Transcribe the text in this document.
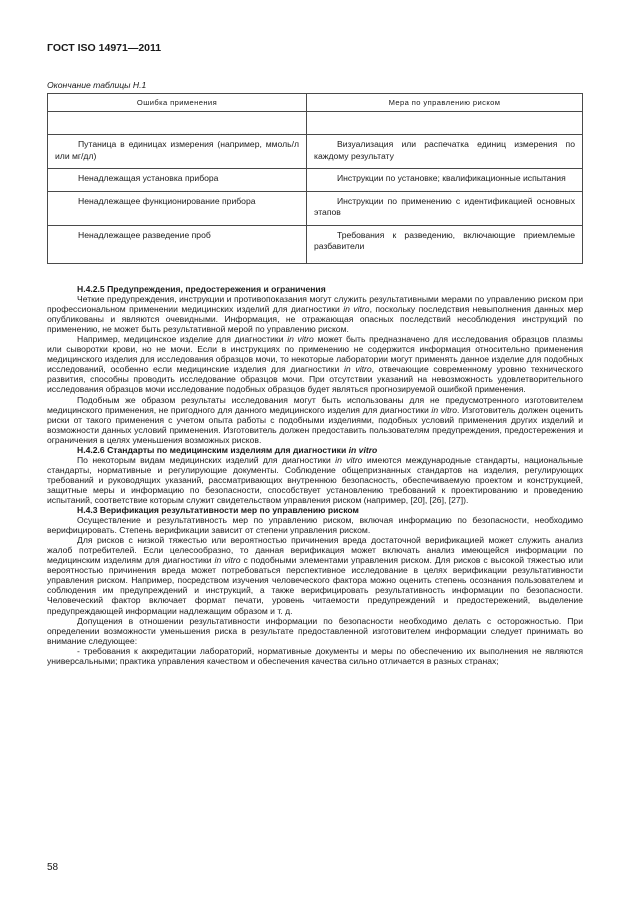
ГОСТ ISO 14971—2011
Окончание таблицы Н.1
Ошибка применения	Мера по управлению риском

Путаница в единицах измерения (например, ммоль/л или мг/дл)	Визуализация или распечатка единиц измерения по каждому результату
Ненадлежащая установка прибора	Инструкции по установке; квалификационные испытания
Ненадлежащее функционирование прибора	Инструкции по применению с идентификацией основных этапов
Ненадлежащее разведение проб	Требования к разведению, включающие приемлемые разбавители

Н.4.2.5 Предупреждения, предостережения и ограничения

Четкие предупреждения, инструкции и противопоказания могут служить результативными мерами по управлению риском при профессиональном применении медицинских изделий для диагностики in vitro, поскольку последствия невыполнения данных мер опубликованы и являются очевидными. Информация, не отражающая опасных последствий несоблюдения инструкций по применению, не может быть результативной мерой по управлению риском.

Например, медицинское изделие для диагностики in vitro может быть предназначено для исследования образцов плазмы или сыворотки крови, но не мочи. Если в инструкциях по применению не содержится информация относительно применения медицинского изделия для исследования образцов мочи, то некоторые лаборатории могут применять данное изделие для подобных исследований, особенно если медицинские изделия для диагностики in vitro, отвечающие современному уровню технического развития, способны проводить исследование образцов мочи. При отсутствии указаний на невозможность удовлетворительного исследования образцов мочи исследование подобных образцов будет являться прогнозируемой ошибкой применения.

Подобным же образом результаты исследования могут быть использованы для не предусмотренного изготовителем медицинского применения, не пригодного для данного медицинского изделия для диагностики in vitro. Изготовитель должен оценить риски от такого применения с учетом опыта работы с подобными изделиями, подобных условий применения других изделий и возможности данных условий применения. Изготовитель должен предоставить пользователям предупреждения, предостережения и ограничения в целях уменьшения возможных рисков.

Н.4.2.6 Стандарты по медицинским изделиям для диагностики in vitro

По некоторым видам медицинских изделий для диагностики in vitro имеются международные стандарты, национальные стандарты, нормативные и регулирующие документы. Соблюдение общепризнанных стандартов на изделия, регулирующих требований и руководящих указаний, рассматривающих внутреннюю безопасность, обеспечиваемую проектом и конструкцией, защитные меры и информацию по безопасности, способствует установлению требований к проектированию и проведению испытаний, соответствие которым служит свидетельством управления риском (например, [20], [26], [27]).

Н.4.3 Верификация результативности мер по управлению риском

Осуществление и результативность мер по управлению риском, включая информацию по безопасности, необходимо верифицировать. Степень верификации зависит от степени управления риском.

Для рисков с низкой тяжестью или вероятностью причинения вреда достаточной верификацией может служить анализ жалоб потребителей. Если целесообразно, то данная верификация может включать анализ имеющейся информации по медицинским изделиям для диагностики in vitro с подобными элементами управления риском. Для рисков с высокой тяжестью или вероятностью причинения вреда может потребоваться перспективное исследование в целях верификации результативности управления риском. Например, посредством изучения человеческого фактора можно оценить степень осознания пользователем и соблюдения им предупреждений и инструкций, а также верифицировать результативность информации по безопасности. Человеческий фактор включает формат печати, уровень читаемости предупреждений и предостережений, выделение предупреждающей информации надлежащим образом и т. д.

Допущения в отношении результативности информации по безопасности необходимо делать с осторожностью. При определении возможности уменьшения риска в результате предоставленной изготовителем информации следует принимать во внимание следующее:

- требования к аккредитации лабораторий, нормативные документы и меры по обеспечению их выполнения не являются универсальными; практика управления качеством и обеспечения качества сильно отличается в разных странах;

58
